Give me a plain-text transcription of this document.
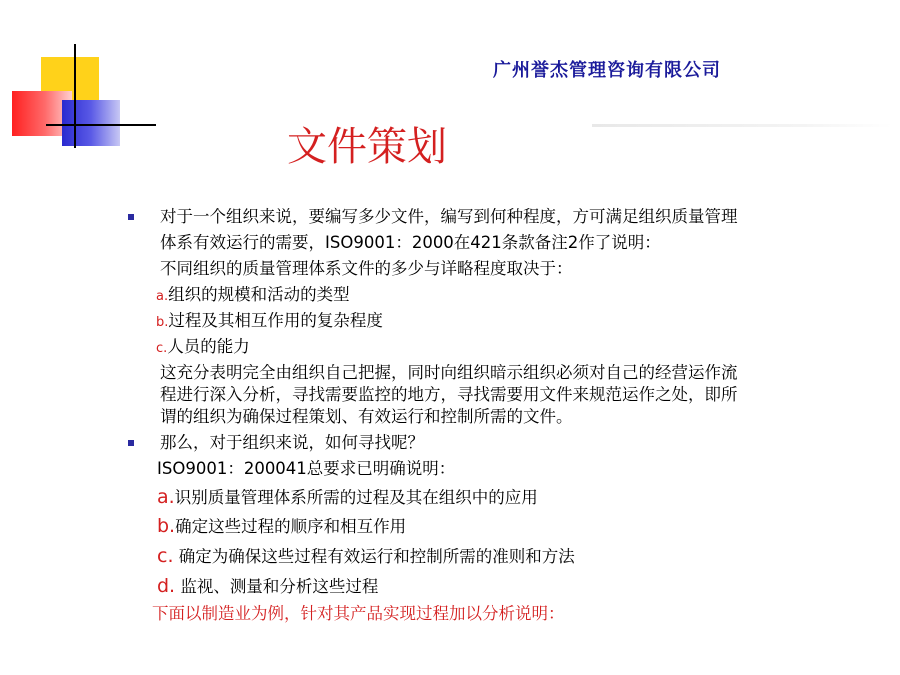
广州誉杰管理咨询有限公司
文件策划
对于一个组织来说，要编写多少文件，编写到何种程度，方可满足组织质量管理
体系有效运行的需要，ISO9001：2000在421条款备注2作了说明：
不同组织的质量管理体系文件的多少与详略程度取决于：
a.组织的规模和活动的类型
b.过程及其相互作用的复杂程度
c.人员的能力
这充分表明完全由组织自己把握，同时向组织暗示组织必须对自己的经营运作流
程进行深入分析，寻找需要监控的地方，寻找需要用文件来规范运作之处，即所
谓的组织为确保过程策划、有效运行和控制所需的文件。
那么，对于组织来说，如何寻找呢？
ISO9001：200041总要求已明确说明：
a.识别质量管理体系所需的过程及其在组织中的应用
b.确定这些过程的顺序和相互作用
c. 确定为确保这些过程有效运行和控制所需的准则和方法
d. 监视、测量和分析这些过程
下面以制造业为例，针对其产品实现过程加以分析说明：
